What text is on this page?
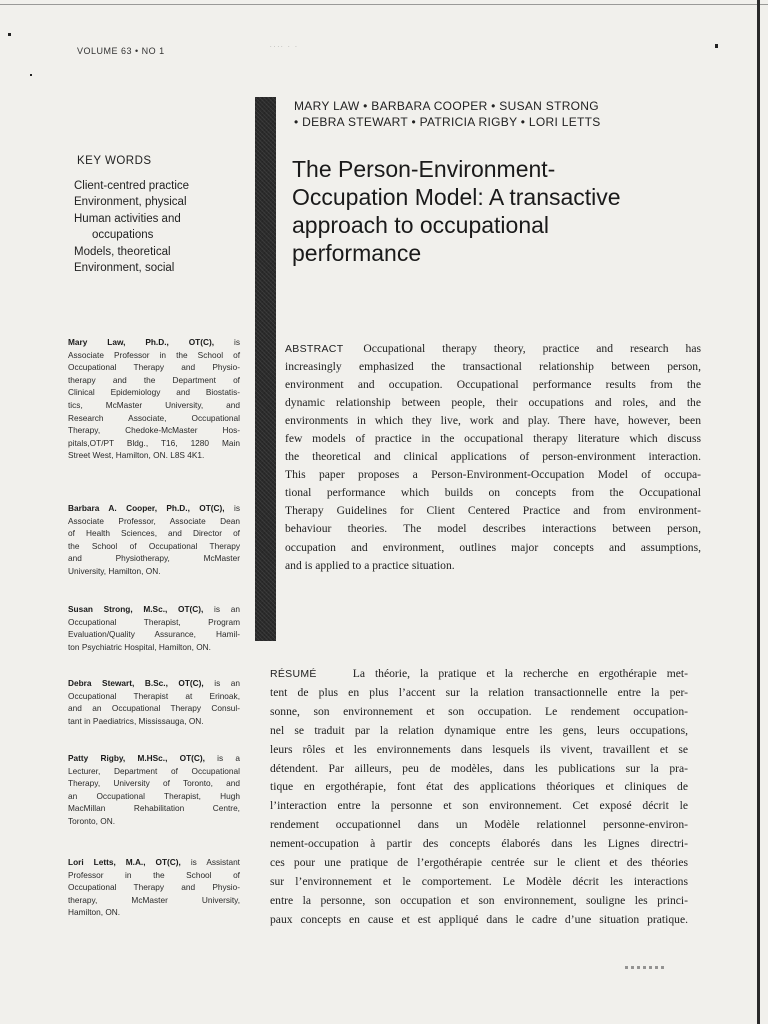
VOLUME 63 • NO 1	···· · ·
MARY LAW • BARBARA COOPER • SUSAN STRONG
• DEBRA STEWART • PATRICIA RIGBY • LORI LETTS
The Person-Environment-
Occupation Model: A transactive
approach to occupational
performance
KEY WORDS
Client-centred practice
Environment, physical
Human activities and
occupations
Models, theoretical
Environment, social
Mary Law, Ph.D., OT(C), is
Associate Professor in the School of
Occupational Therapy and Physio-
therapy and the Department of
Clinical Epidemiology and Biostatis-
tics, McMaster University, and
Research Associate, Occupational
Therapy, Chedoke-McMaster Hos-
pitals,OT/PT Bldg., T16, 1280 Main
Street West, Hamilton, ON. L8S 4K1.
Barbara A. Cooper, Ph.D., OT(C), is
Associate Professor, Associate Dean
of Health Sciences, and Director of
the School of Occupational Therapy
and Physiotherapy, McMaster
University, Hamilton, ON.
Susan Strong, M.Sc., OT(C), is an
Occupational Therapist, Program
Evaluation/Quality Assurance, Hamil-
ton Psychiatric Hospital, Hamilton, ON.
Debra Stewart, B.Sc., OT(C), is an
Occupational Therapist at Erinoak,
and an Occupational Therapy Consul-
tant in Paediatrics, Mississauga, ON.
Patty Rigby, M.HSc., OT(C), is a
Lecturer, Department of Occupational
Therapy, University of Toronto, and
an Occupational Therapist, Hugh
MacMillan Rehabilitation Centre,
Toronto, ON.
Lori Letts, M.A., OT(C), is Assistant
Professor in the School of
Occupational Therapy and Physio-
therapy, McMaster University,
Hamilton, ON.
ABSTRACT Occupational therapy theory, practice and research has
increasingly emphasized the transactional relationship between person,
environment and occupation. Occupational performance results from the
dynamic relationship between people, their occupations and roles, and the
environments in which they live, work and play. There have, however, been
few models of practice in the occupational therapy literature which discuss
the theoretical and clinical applications of person-environment interaction.
This paper proposes a Person-Environment-Occupation Model of occupa-
tional performance which builds on concepts from the Occupational
Therapy Guidelines for Client Centered Practice and from environment-
behaviour theories. The model describes interactions between person,
occupation and environment, outlines major concepts and assumptions,
and is applied to a practice situation.
RÉSUMÉ	La théorie, la pratique et la recherche en ergothérapie met-
tent de plus en plus l’accent sur la relation transactionnelle entre la per-
sonne, son environnement et son occupation. Le rendement occupation-
nel se traduit par la relation dynamique entre les gens, leurs occupations,
leurs rôles et les environnements dans lesquels ils vivent, travaillent et se
détendent. Par ailleurs, peu de modèles, dans les publications sur la pra-
tique en ergothérapie, font état des applications théoriques et cliniques de
l’interaction entre la personne et son environnement. Cet exposé décrit le
rendement occupationnel dans un Modèle relationnel personne-environ-
nement-occupation à partir des concepts élaborés dans les Lignes directri-
ces pour une pratique de l’ergothérapie centrée sur le client et des théories
sur l’environnement et le comportement. Le Modèle décrit les interactions
entre la personne, son occupation et son environnement, souligne les princi-
paux concepts en cause et est appliqué dans le cadre d’une situation pratique.
